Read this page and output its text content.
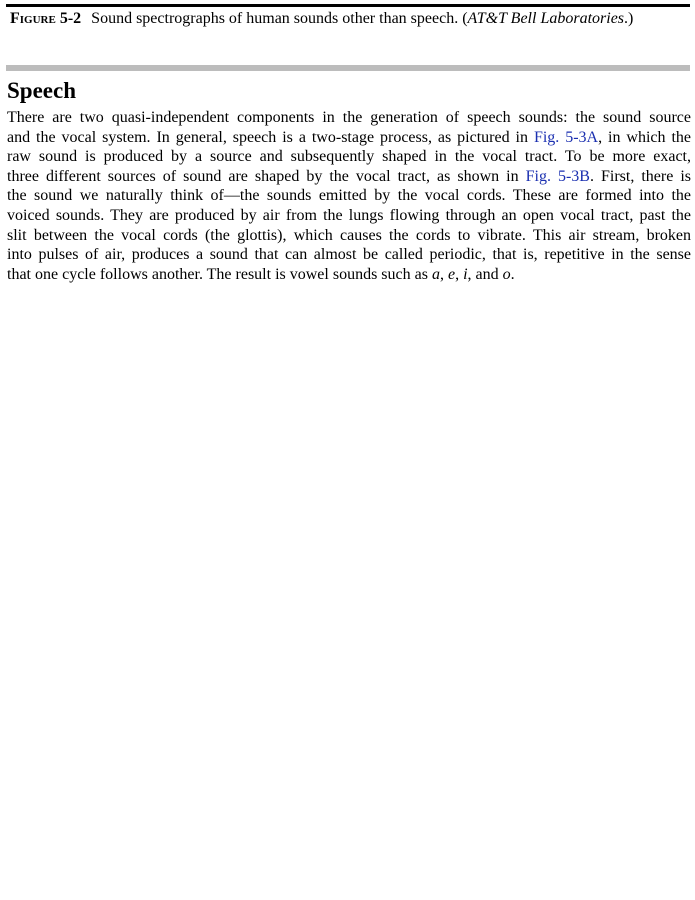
Figure 5-2 Sound spectrographs of human sounds other than speech. (AT&T Bell Laboratories.)
Speech

There are two quasi-independent components in the generation of speech sounds: the sound source
and the vocal system. In general, speech is a two-stage process, as pictured in Fig. 5-3A, in which the
raw sound is produced by a source and subsequently shaped in the vocal tract. To be more exact,
three different sources of sound are shaped by the vocal tract, as shown in Fig. 5-3B. First, there is
the sound we naturally think of—the sounds emitted by the vocal cords. These are formed into the
voiced sounds. They are produced by air from the lungs flowing through an open vocal tract, past the
slit between the vocal cords (the glottis), which causes the cords to vibrate. This air stream, broken
into pulses of air, produces a sound that can almost be called periodic, that is, repetitive in the sense
that one cycle follows another. The result is vowel sounds such as a, e, i, and o.
